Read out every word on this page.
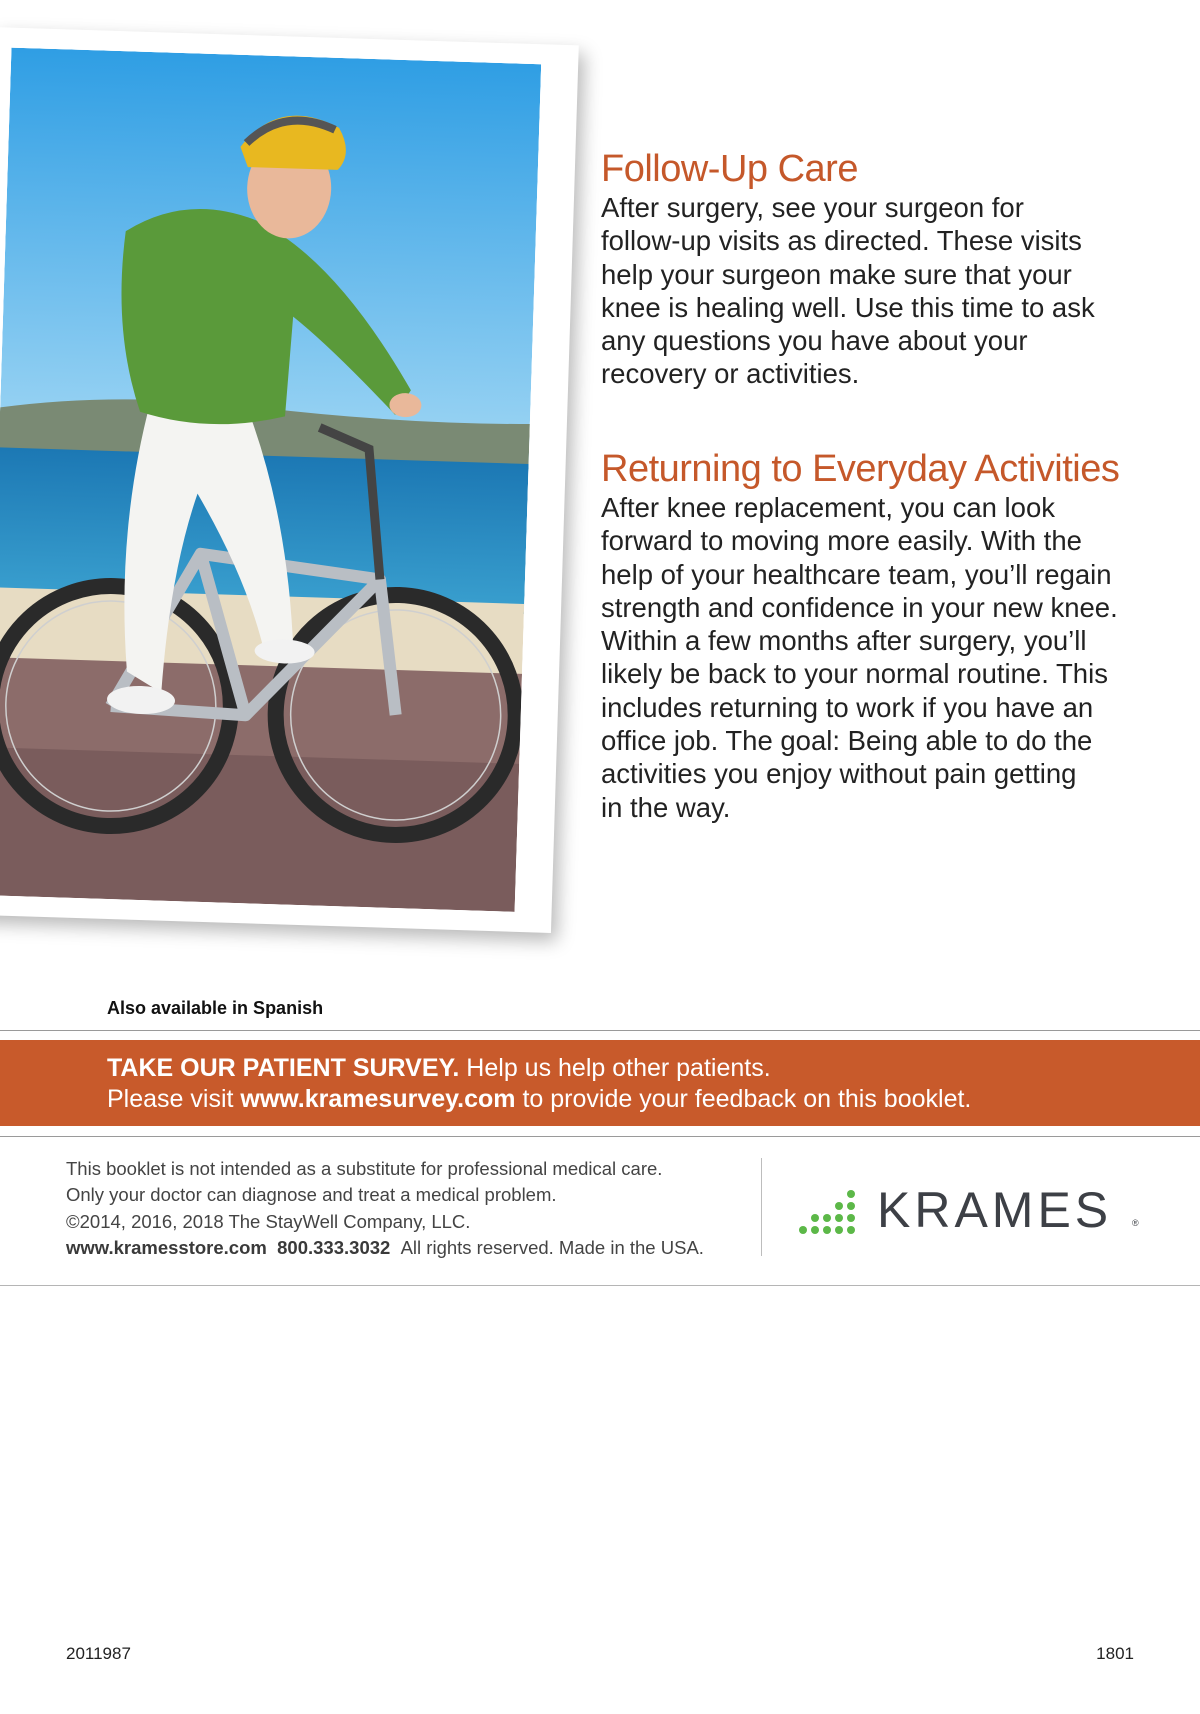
Follow-Up Care

After surgery, see your surgeon for
follow-up visits as directed. These visits
help your surgeon make sure that your
knee is healing well. Use this time to ask
any questions you have about your
recovery or activities.

Returning to Everyday Activities

After knee replacement, you can look
forward to moving more easily. With the
help of your healthcare team, you’ll regain
strength and confidence in your new knee.
Within a few months after surgery, you’ll
likely be back to your normal routine. This
includes returning to work if you have an
office job. The goal: Being able to do the
activities you enjoy without pain getting
in the way.

Also available in Spanish
TAKE OUR PATIENT SURVEY. Help us help other patients.
Please visit www.kramesurvey.com to provide your feedback on this booklet.
This booklet is not intended as a substitute for professional medical care.
Only your doctor can diagnose and treat a medical problem.
©2014, 2016, 2018 The StayWell Company, LLC.
www.kramesstore.com 800.333.3032 All rights reserved. Made in the USA.
KRAMES ®
2011987	1801
